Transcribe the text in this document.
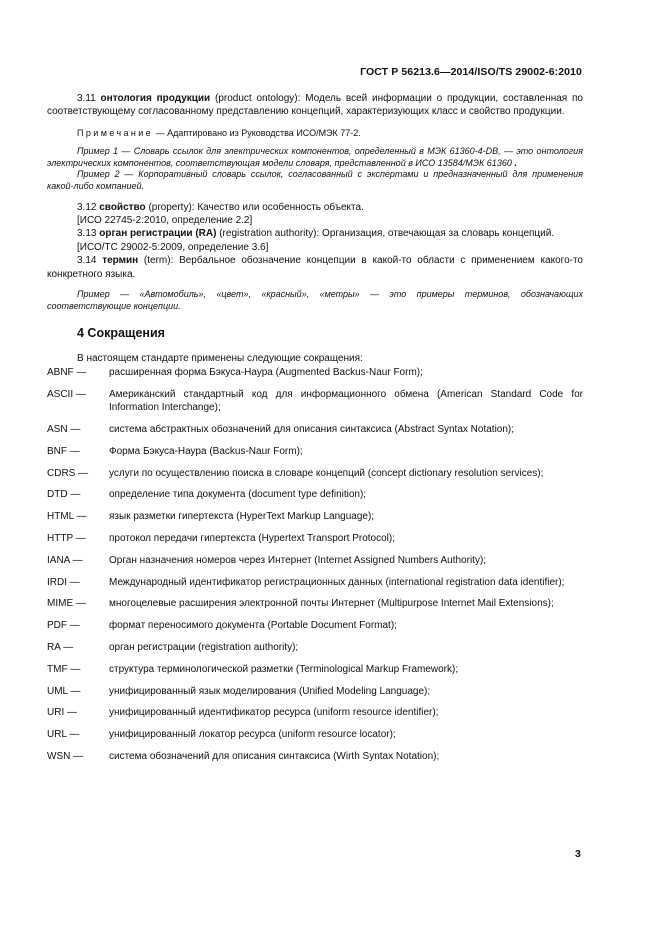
ГОСТ Р 56213.6—2014/ISO/TS 29002-6:2010

3.11 онтология продукции (product ontology): Модель всей информации о продукции, составленная по соответствующему согласованному представлению концепций, характеризующих класс и свойство продукции.

Примечание — Адаптировано из Руководства ИСО/МЭК 77-2.

Пример 1 — Словарь ссылок для электрических компонентов, определенный в МЭК 61360-4-DB, — это онтология электрических компонентов, соответствующая модели словаря, представленной в ИСО 13584/МЭК 61360 .

Пример 2 — Корпоративный словарь ссылок, согласованный с экспертами и предназначенный для применения какой-либо компанией.

3.12 свойство (property): Качество или особенность объекта.

[ИСО 22745-2:2010, определение 2.2]

3.13 орган регистрации (RA) (registration authority): Организация, отвечающая за словарь концепций.

[ИСО/ТС 29002-5:2009, определение 3.6]

3.14 термин (term): Вербальное обозначение концепции в какой-то области с применением какого-то конкретного языка.

Пример — «Автомобиль», «цвет», «красный», «метры» — это примеры терминов, обозначающих соответствующие концепции.

4 Сокращения

В настоящем стандарте применены следующие сокращения:

ABNF —	расширенная форма Бэкуса-Наура (Augmented Backus-Naur Form);
ASCII —	Американский стандартный код для информационного обмена (American Standard Code for Information Interchange);
ASN —	система абстрактных обозначений для описания синтаксиса (Abstract Syntax Notation);
BNF —	Форма Бэкуса-Наура (Backus-Naur Form);
CDRS —	услуги по осуществлению поиска в словаре концепций (concept dictionary resolution services);
DTD —	определение типа документа (document type definition);
HTML —	язык разметки гипертекста (HyperText Markup Language);
HTTP —	протокол передачи гипертекста (Hypertext Transport Protocol);
IANA —	Орган назначения номеров через Интернет (Internet Assigned Numbers Authority);
IRDI —	Международный идентификатор регистрационных данных (international registration data identifier);
MIME —	многоцелевые расширения электронной почты Интернет (Multipurpose Internet Mail Extensions);
PDF —	формат переносимого документа (Portable Document Format);
RA —	орган регистрации (registration authority);
TMF —	структура терминологической разметки (Terminological Markup Framework);
UML —	унифицированный язык моделирования (Unified Modeling Language);
URI —	унифицированный идентификатор ресурса (uniform resource identifier);
URL —	унифицированный локатор ресурса (uniform resource locator);
WSN —	система обозначений для описания синтаксиса (Wirth Syntax Notation);
3
